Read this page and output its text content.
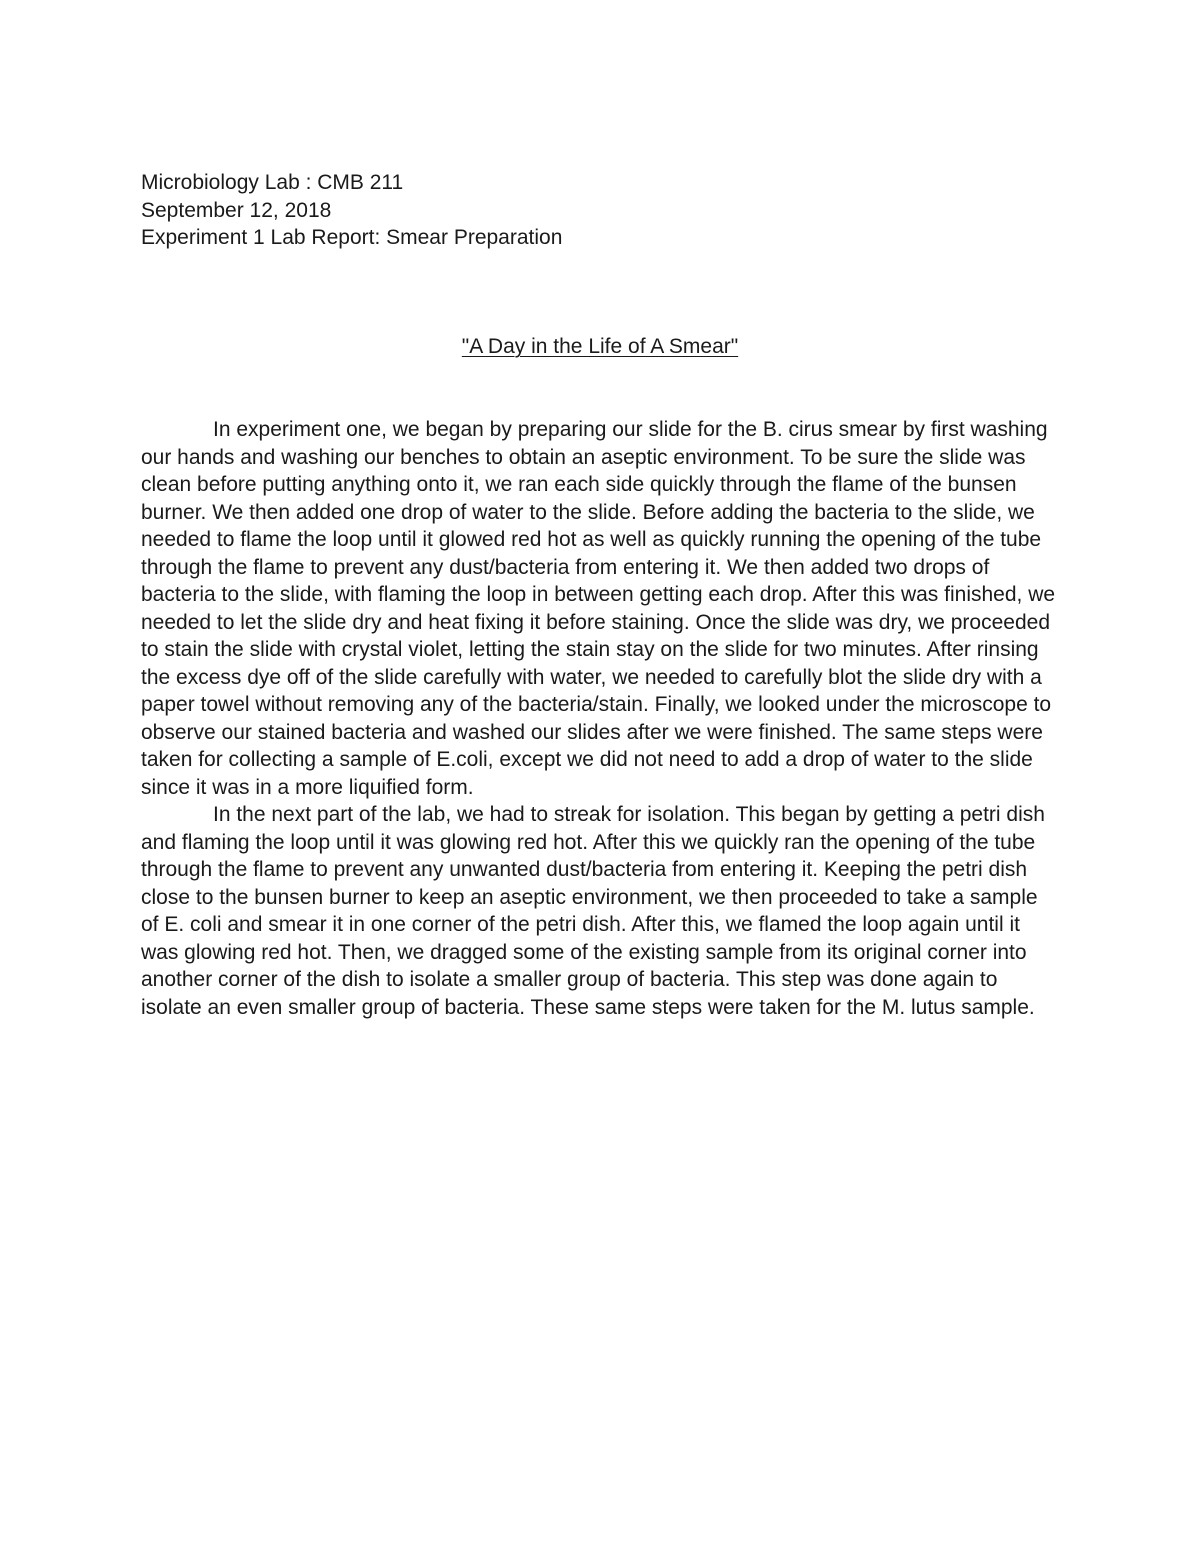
Microbiology Lab : CMB 211
September 12, 2018
Experiment 1 Lab Report: Smear Preparation
"A Day in the Life of A Smear"

In experiment one, we began by preparing our slide for the B. cirus smear by first washing our hands and washing our benches to obtain an aseptic environment. To be sure the slide was clean before putting anything onto it, we ran each side quickly through the flame of the bunsen burner. We then added one drop of water to the slide. Before adding the bacteria to the slide, we needed to flame the loop until it glowed red hot as well as quickly running the opening of the tube through the flame to prevent any dust/bacteria from entering it. We then added two drops of bacteria to the slide, with flaming the loop in between getting each drop. After this was finished, we needed to let the slide dry and heat fixing it before staining. Once the slide was dry, we proceeded to stain the slide with crystal violet, letting the stain stay on the slide for two minutes. After rinsing the excess dye off of the slide carefully with water, we needed to carefully blot the slide dry with a paper towel without removing any of the bacteria/stain. Finally, we looked under the microscope to observe our stained bacteria and washed our slides after we were finished. The same steps were taken for collecting a sample of E.coli, except we did not need to add a drop of water to the slide since it was in a more liquified form.

In the next part of the lab, we had to streak for isolation. This began by getting a petri dish and flaming the loop until it was glowing red hot. After this we quickly ran the opening of the tube through the flame to prevent any unwanted dust/bacteria from entering it. Keeping the petri dish close to the bunsen burner to keep an aseptic environment, we then proceeded to take a sample of E. coli and smear it in one corner of the petri dish. After this, we flamed the loop again until it was glowing red hot. Then, we dragged some of the existing sample from its original corner into another corner of the dish to isolate a smaller group of bacteria. This step was done again to isolate an even smaller group of bacteria. These same steps were taken for the M. lutus sample.
